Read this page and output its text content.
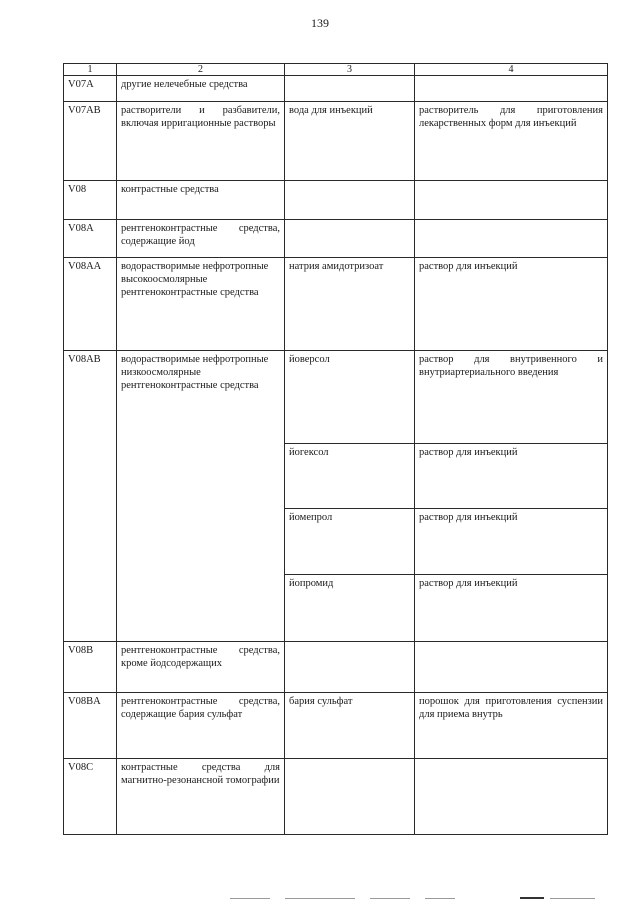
139
1	2	3	4
V07A	другие нелечебные средства		
V07AB	растворители и разбавители, включая ирригационные растворы	вода для инъекций	растворитель для приготовления лекарственных форм для инъекций
V08	контрастные средства		
V08A	рентгеноконтрастные средства, содержащие йод		
V08AA	водорастворимые нефротропные высокоосмолярные рентгеноконтрастные средства	натрия амидотризоат	раствор для инъекций
V08AB	водорастворимые нефротропные низкоосмолярные рентгеноконтрастные средства	йоверсол	раствор для внутривенного и внутриартериального введения
		йогексол	раствор для инъекций
		йомепрол	раствор для инъекций
		йопромид	раствор для инъекций
V08B	рентгеноконтрастные средства, кроме йодсодержащих		
V08BA	рентгеноконтрастные средства, содержащие бария сульфат	бария сульфат	порошок для приготовления суспензии для приема внутрь
V08C	контрастные средства для магнитно-резонансной томографии		
